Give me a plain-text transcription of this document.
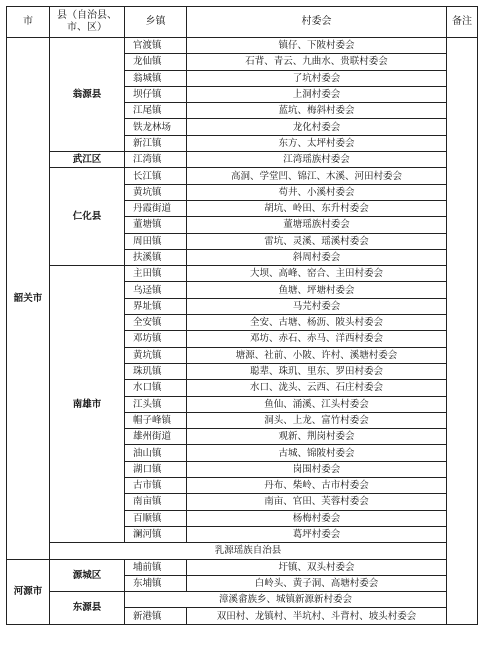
市	县（自治县、市、区）	乡镇	村委会	备注
韶关市	翁源县	官渡镇	镇仔、下陂村委会	
		龙仙镇	石背、青云、九曲水、贵联村委会	
		翁城镇	了坑村委会	
		坝仔镇	上洞村委会	
		江尾镇	蓝坑、梅斜村委会	
		铁龙林场	龙化村委会	
		新江镇	东方、太坪村委会	
	武江区	江湾镇	江湾瑶族村委会	
	仁化县	长江镇	高洞、学堂凹、锦江、木溪、河田村委会	
		黄坑镇	苟井、小溪村委会	
		丹霞街道	胡坑、岭田、东升村委会	
		董塘镇	董塘瑶族村委会	
		周田镇	雷坑、灵溪、瑶溪村委会	
		扶溪镇	斜周村委会	
	南雄市	主田镇	大坝、高峰、窑合、主田村委会	
		乌迳镇	鱼塘、坪塘村委会	
		界址镇	马芫村委会	
		全安镇	全安、古塘、杨沥、陂头村委会	
		邓坊镇	邓坊、赤石、赤马、洋西村委会	
		黄坑镇	塘源、社前、小陂、许村、溪塘村委会	
		珠玑镇	聪辈、珠玑、里东、罗田村委会	
		水口镇	水口、泷头、云西、石庄村委会	
		江头镇	鱼仙、涌溪、江头村委会	
		帽子峰镇	洞头、上龙、富竹村委会	
		雄州街道	观新、荆岗村委会	
		油山镇	古城、锦陂村委会	
		湖口镇	岗围村委会	
		古市镇	丹布、柴岭、古市村委会	
		南亩镇	南亩、官田、芙蓉村委会	
		百顺镇	杨梅村委会	
		澜河镇	葛坪村委会	
	乳源瑶族自治县			
河源市	源城区	埔前镇	圩镇、双头村委会	
		东埔镇	白岭头、黄子洞、高塘村委会	
	东源县	漳溪畲族乡、城镇新源新村委会		
		新港镇	双田村、龙镇村、半坑村、斗背村、坡头村委会	
